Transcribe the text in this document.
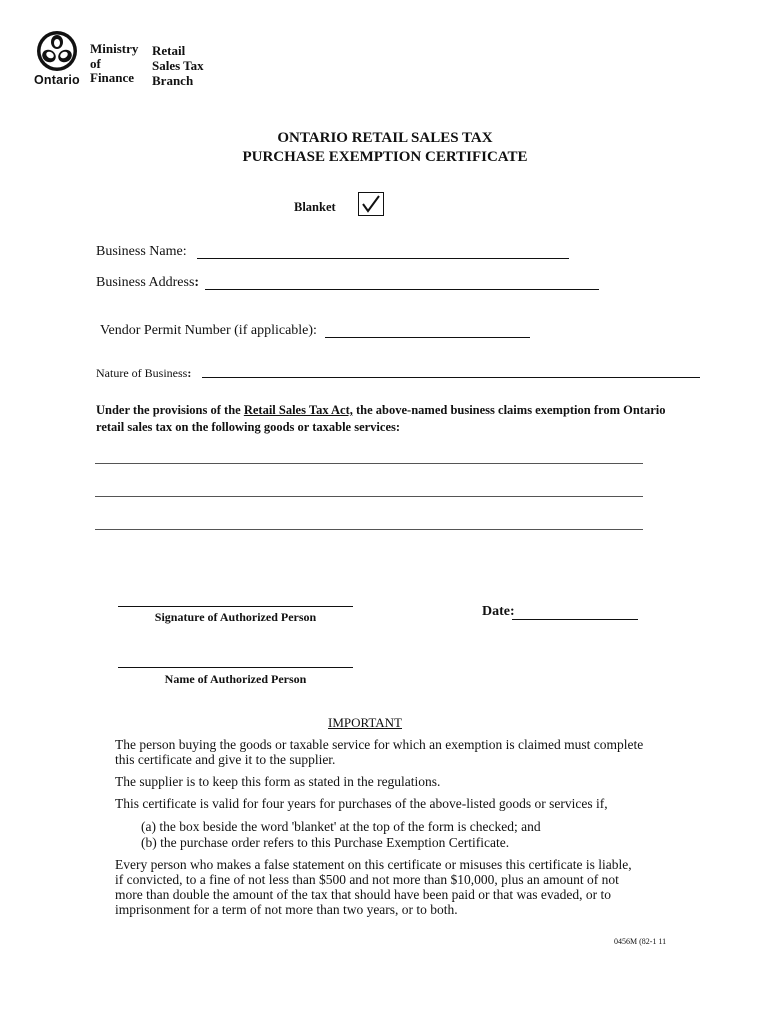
Ontario
Ministry
of
Finance
Retail
Sales Tax
Branch
ONTARIO RETAIL SALES TAX
PURCHASE EXEMPTION CERTIFICATE
Blanket
Business Name:
Business Address:
Vendor Permit Number (if applicable):
Nature of Business:
Under the provisions of the Retail Sales Tax Act, the above-named business claims exemption from Ontario
retail sales tax on the following goods or taxable services:
Signature of Authorized Person	Date:
Name of Authorized Person
IMPORTANT
The person buying the goods or taxable service for which an exemption is claimed must complete
this certificate and give it to the supplier.
The supplier is to keep this form as stated in the regulations.
This certificate is valid for four years for purchases of the above-listed goods or services if,
(a) the box beside the word 'blanket' at the top of the form is checked; and
(b) the purchase order refers to this Purchase Exemption Certificate.
Every person who makes a false statement on this certificate or misuses this certificate is liable,
if convicted, to a fine of not less than $500 and not more than $10,000, plus an amount of not
more than double the amount of the tax that should have been paid or that was evaded, or to
imprisonment for a term of not more than two years, or to both.
0456M (82-1 11
